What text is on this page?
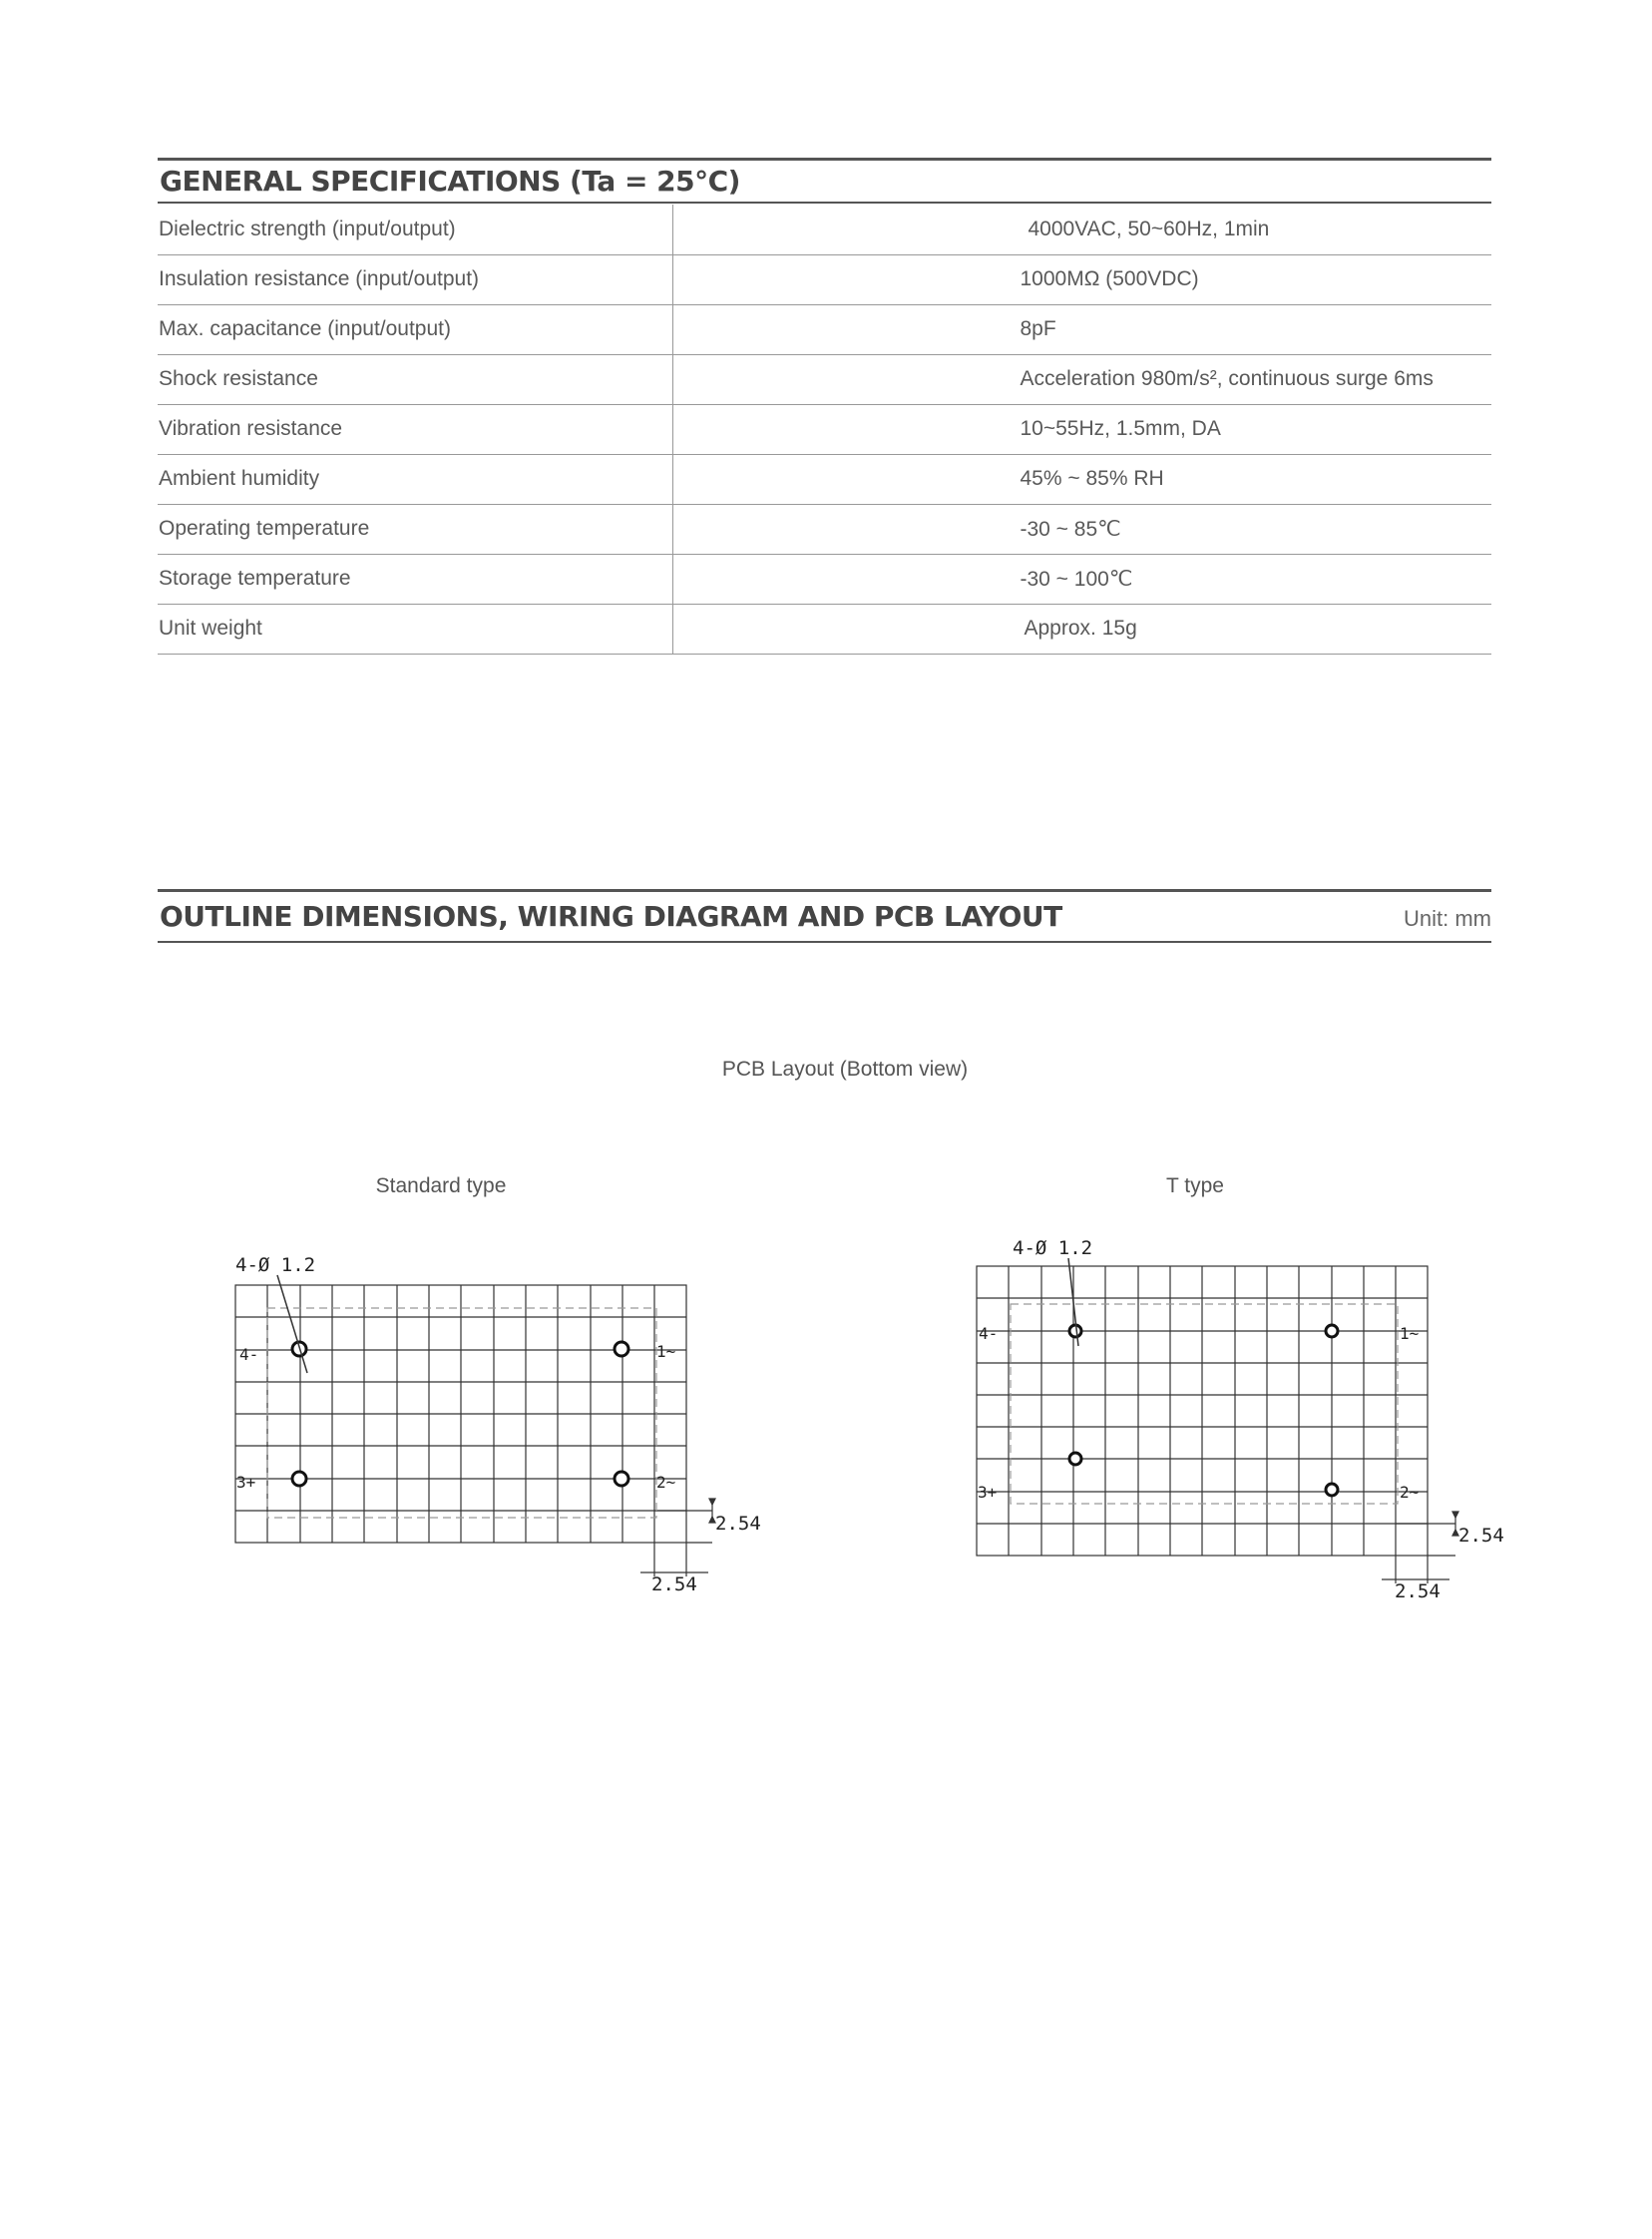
GENERAL SPECIFICATIONS (Ta = 25°C)
Dielectric strength (input/output)	4000VAC, 50~60Hz, 1min
Insulation resistance (input/output)	1000MΩ (500VDC)
Max. capacitance (input/output)	8pF
Shock resistance	Acceleration 980m/s², continuous surge 6ms
Vibration resistance	10~55Hz, 1.5mm, DA
Ambient humidity	45% ~ 85% RH
Operating temperature	-30 ~ 85℃
Storage temperature	-30 ~ 100℃
Unit weight	Approx. 15g
OUTLINE DIMENSIONS, WIRING DIAGRAM AND PCB LAYOUT	Unit: mm
PCB Layout (Bottom view)
Standard type	T type
4-Ø 1.2
4-	1~
3+	2~
2.54
2.54
4-Ø 1.2
4-	1~
3+	2~
2.54
2.54
